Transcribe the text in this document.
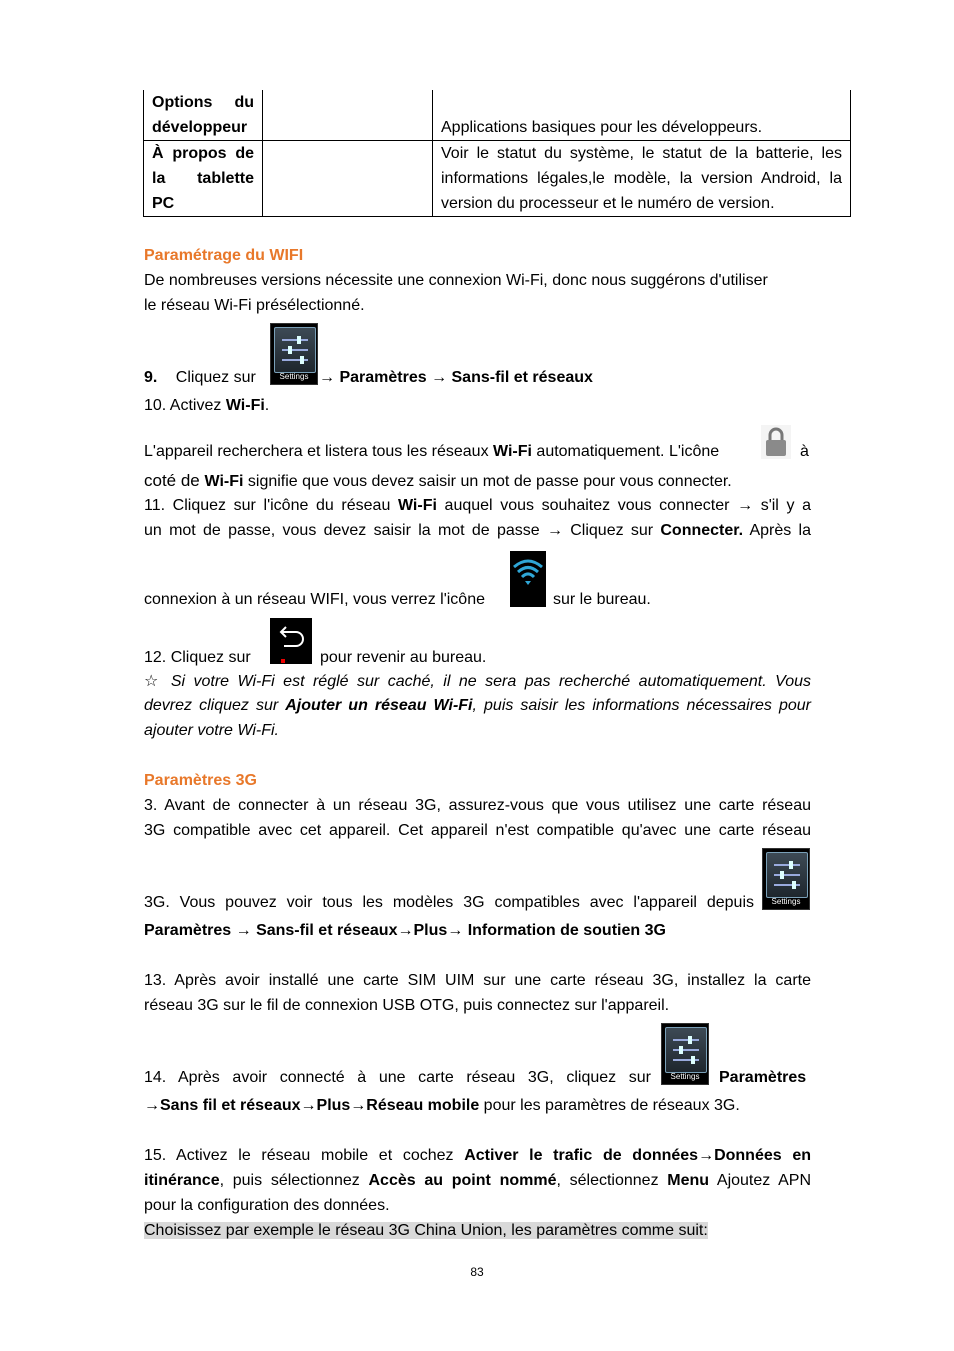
Options du
développeur		Applications basiques pour les développeurs.

À propos de
la tablette
PC		Voir le statut du système, le statut de la batterie, les informations légales,le modèle, la version Android, la version du processeur et le numéro de version.
Paramétrage du WIFI
De nombreuses versions nécessite une connexion Wi-Fi, donc nous suggérons d'utiliser
le réseau Wi-Fi présélectionné.
9. Cliquez sur	Settings → Paramètres → Sans-fil et réseaux
10. Activez Wi-Fi.
L'appareil recherchera et listera tous les réseaux Wi-Fi automatiquement. L'icône	à
coté de Wi-Fi signifie que vous devez saisir un mot de passe pour vous connecter.
11. Cliquez sur l'icône du réseau Wi-Fi auquel vous souhaitez vous connecter → s'il y a
un mot de passe, vous devez saisir la mot de passe → Cliquez sur Connecter. Après la
connexion à un réseau WIFI, vous verrez l'icône	sur le bureau.
12. Cliquez sur	pour revenir au bureau.
☆ Si votre Wi-Fi est réglé sur caché, il ne sera pas recherché automatiquement. Vous
devrez cliquez sur Ajouter un réseau Wi-Fi, puis saisir les informations nécessaires pour
ajouter votre Wi-Fi.
Paramètres 3G
3. Avant de connecter à un réseau 3G, assurez-vous que vous utilisez une carte réseau
3G compatible avec cet appareil. Cet appareil n'est compatible qu'avec une carte réseau
3G. Vous pouvez voir tous les modèles 3G compatibles avec l'appareil depuis	Settings
Paramètres → Sans-fil et réseaux→Plus→ Information de soutien 3G
13. Après avoir installé une carte SIM UIM sur une carte réseau 3G, installez la carte
réseau 3G sur le fil de connexion USB OTG, puis connectez sur l'appareil.
14. Après avoir connecté à une carte réseau 3G, cliquez sur	Settings	Paramètres
→Sans fil et réseaux→Plus→Réseau mobile pour les paramètres de réseaux 3G.
15. Activez le réseau mobile et cochez Activer le trafic de données→Données en
itinérance, puis sélectionnez Accès au point nommé, sélectionnez Menu Ajoutez APN
pour la configuration des données.
Choisissez par exemple le réseau 3G China Union, les paramètres comme suit:
83
